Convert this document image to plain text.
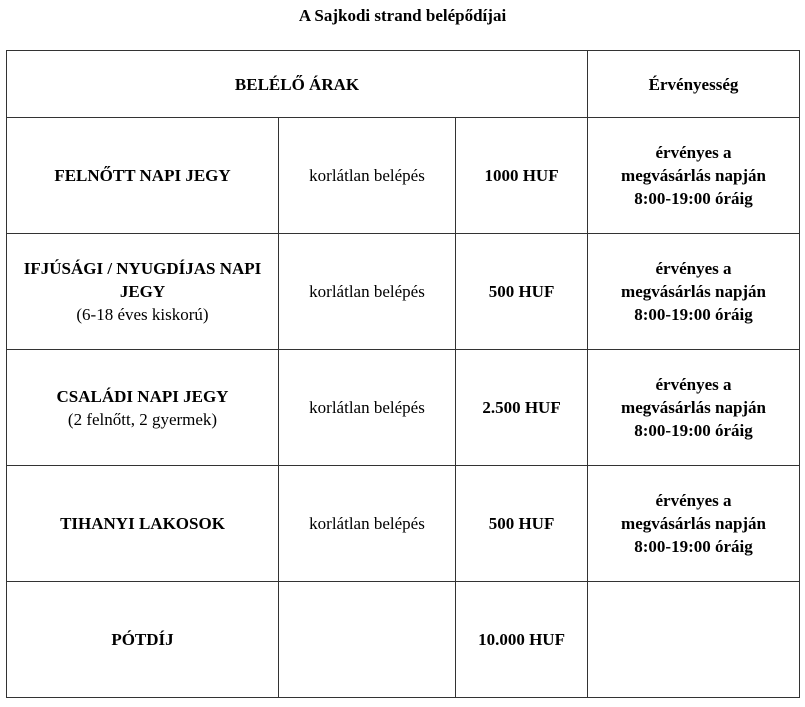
A Sajkodi strand belépődíjai
BELÉLŐ ÁRAK			Érvényesség
FELNŐTT NAPI JEGY	korlátlan belépés	1000 HUF	érvényes a
megvásárlás napján
8:00-19:00 óráig
IFJÚSÁGI / NYUGDÍJAS NAPI JEGY
(6-18 éves kiskorú)	korlátlan belépés	500 HUF	érvényes a
megvásárlás napján
8:00-19:00 óráig
CSALÁDI NAPI JEGY
(2 felnőtt, 2 gyermek)	korlátlan belépés	2.500 HUF	érvényes a
megvásárlás napján
8:00-19:00 óráig
TIHANYI LAKOSOK	korlátlan belépés	500 HUF	érvényes a
megvásárlás napján
8:00-19:00 óráig
PÓTDÍJ		10.000 HUF	
